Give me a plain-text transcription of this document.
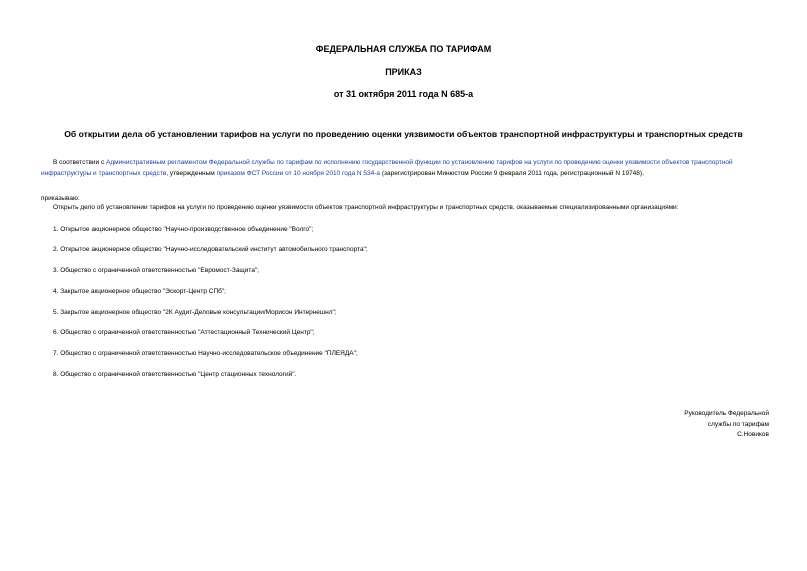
ФЕДЕРАЛЬНАЯ СЛУЖБА ПО ТАРИФАМ
ПРИКАЗ
от 31 октября 2011 года N 685-а
Об открытии дела об установлении тарифов на услуги по проведению оценки уязвимости объектов транспортной инфраструктуры и транспортных средств
В соответствии с Административным регламентом Федеральной службы по тарифам по исполнению государственной функции по установлению тарифов на услуги по проведению оценки уязвимости объектов транспортной инфраструктуры и транспортных средств, утвержденным приказом ФСТ России от 10 ноября 2010 года N 534-а (зарегистрирован Минюстом России 9 февраля 2011 года, регистрационный N 19748),
приказываю:
Открыть дело об установлении тарифов на услуги по проведению оценки уязвимости объектов транспортной инфраструктуры и транспортных средств, оказываемые специализированными организациями:
1. Открытое акционерное общество "Научно-производственное объединение "Волго";
2. Открытое акционерное общество "Научно-исследовательский институт автомобильного транспорта";
3. Общество с ограниченной ответственностью "Евромост-Защита";
4. Закрытое акционерное общество "Эскорт-Центр СПб";
5. Закрытое акционерное общество "2К Аудит-Деловые консультации/Морисон Интернешнл";
6. Общество с ограниченной ответственностью "Аттестационный Технический Центр";
7. Общество с ограниченной ответственностью Научно-исследовательское объединение "ПЛЕЯДА";
8. Общество с ограниченной ответственностью "Центр стационных технологий".
Руководитель Федеральной
службы по тарифам
С.Новиков
